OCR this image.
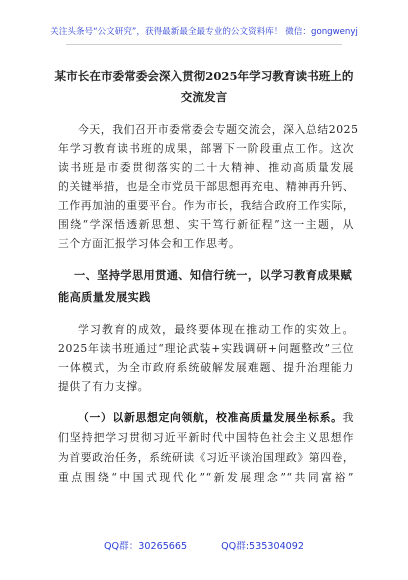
关注头条号“公文研究”，获得最新最全最专业的公文资料库！ 微信：gongwenyj
某市长在市委常委会深入贯彻2025年学习教育读书班上的
交流发言
今天，我们召开市委常委会专题交流会，深入总结2025
年学习教育读书班的成果，部署下一阶段重点工作。这次
读书班是市委贯彻落实的二十大精神、推动高质量发展
的关键举措，也是全市党员干部思想再充电、精神再升钙、
工作再加油的重要平台。作为市长，我结合政府工作实际，
围绕“学深悟透新思想、实干笃行新征程”这一主题，从
三个方面汇报学习体会和工作思考。
一、坚持学思用贯通、知信行统一，以学习教育成果赋
能高质量发展实践
学习教育的成效，最终要体现在推动工作的实效上。
2025年读书班通过“理论武装+实践调研+问题整改”三位
一体模式，为全市政府系统破解发展难题、提升治理能力
提供了有力支撑。
（一）以新思想定向领航，校准高质量发展坐标系。我
们坚持把学习贯彻习近平新时代中国特色社会主义思想作
为首要政治任务，系统研读《习近平谈治国理政》第四卷，
重点围绕“中国式现代化”“新发展理念”“共同富裕”
QQ群：30265665	QQ群:535304092
